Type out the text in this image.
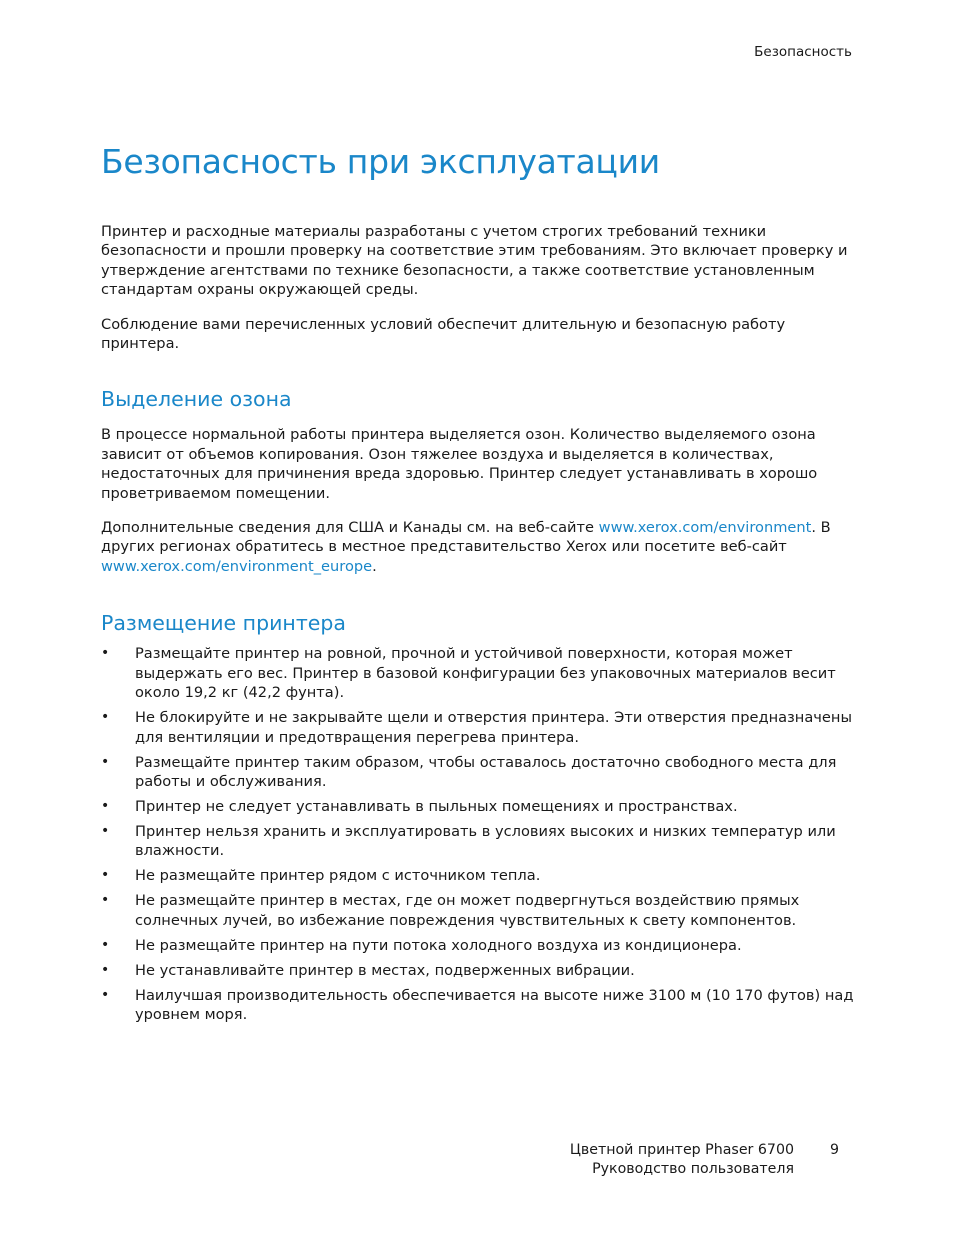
Безопасность
Безопасность при эксплуатации

Принтер и расходные материалы разработаны с учетом строгих требований техники безопасности и прошли проверку на соответствие этим требованиям. Это включает проверку и утверждение агентствами по технике безопасности, а также соответствие установленным стандартам охраны окружающей среды.

Соблюдение вами перечисленных условий обеспечит длительную и безопасную работу принтера.

Выделение озона

В процессе нормальной работы принтера выделяется озон. Количество выделяемого озона зависит от объемов копирования. Озон тяжелее воздуха и выделяется в количествах, недостаточных для причинения вреда здоровью. Принтер следует устанавливать в хорошо проветриваемом помещении.

Дополнительные сведения для США и Канады см. на веб-сайте www.xerox.com/environment. В других регионах обратитесь в местное представительство Xerox или посетите веб-сайт www.xerox.com/environment_europe.

Размещение принтера
• Размещайте принтер на ровной, прочной и устойчивой поверхности, которая может выдержать его вес. Принтер в базовой конфигурации без упаковочных материалов весит около 19,2 кг (42,2 фунта).
• Не блокируйте и не закрывайте щели и отверстия принтера. Эти отверстия предназначены для вентиляции и предотвращения перегрева принтера.
• Размещайте принтер таким образом, чтобы оставалось достаточно свободного места для работы и обслуживания.
• Принтер не следует устанавливать в пыльных помещениях и пространствах.
• Принтер нельзя хранить и эксплуатировать в условиях высоких и низких температур или влажности.
• Не размещайте принтер рядом с источником тепла.
• Не размещайте принтер в местах, где он может подвергнуться воздействию прямых солнечных лучей, во избежание повреждения чувствительных к свету компонентов.
• Не размещайте принтер на пути потока холодного воздуха из кондиционера.
• Не устанавливайте принтер в местах, подверженных вибрации.
• Наилучшая производительность обеспечивается на высоте ниже 3100 м (10 170 футов) над уровнем моря.
Цветной принтер Phaser 6700
Руководство пользователя
9
